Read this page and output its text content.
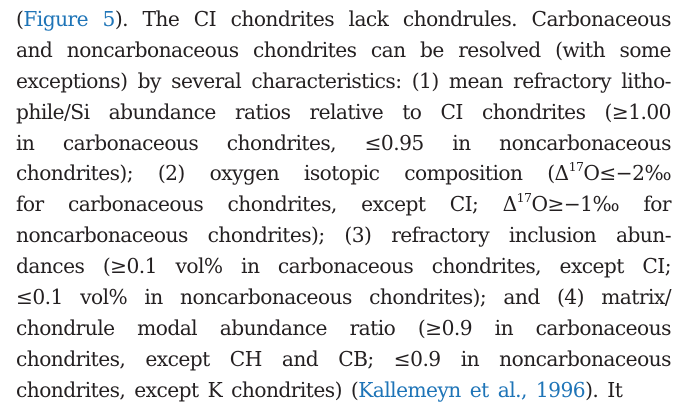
(Figure 5). The CI chondrites lack chondrules. Carbonaceous
and noncarbonaceous chondrites can be resolved (with some
exceptions) by several characteristics: (1) mean refractory litho-
phile/Si abundance ratios relative to CI chondrites (≥1.00
in carbonaceous chondrites, ≤0.95 in noncarbonaceous
chondrites); (2) oxygen isotopic composition ($\Delta^{17}O\le-2‰$
for carbonaceous chondrites, except CI; $\Delta^{17}O\ge-1‰$ for
noncarbonaceous chondrites); (3) refractory inclusion abun-
dances (≥0.1 vol% in carbonaceous chondrites, except CI;
≤0.1 vol% in noncarbonaceous chondrites); and (4) matrix/
chondrule modal abundance ratio (≥0.9 in carbonaceous
chondrites, except CH and CB; ≤0.9 in noncarbonaceous
chondrites, except K chondrites) (Kallemeyn et al., 1996). It
